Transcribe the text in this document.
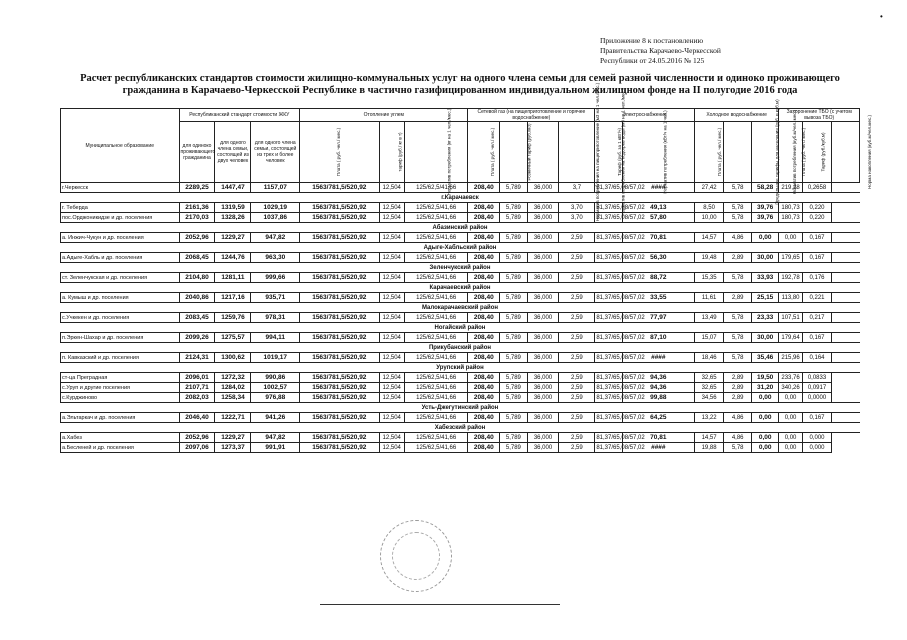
•
Приложение 8 к постановлению
Правительства Карачаево-Черкесской
Республики от 24.05.2016 № 125
Расчет республиканских стандартов стоимости жилищно-коммунальных услуг на одного члена семьи для семей разной численности и одиноко проживающего
гражданина в Карачаево-Черкесской Республике в частично газифицированном индивидуальном жилищном фонде на II полугодие 2016 года
Муниципальное образование	Республиканский стандарт стоимости ЖКУ			Отопление углем			Сетевой газ (на пищеприготовление и горячее водоснабжение)				Электроснабжение		Холодное водоснабжение			Захоронение ТБО (с учетом вывоза ТБО)		
	для одиноко проживающего гражданина	для одного члена семьи, состоящей из двух человек	для одного члена семьи, состоящей из трех и более человек	Плата ( руб. чел./ мес.)	тариф (руб./ кг в т)	Норматив потребления (кг на 1 чел./мес.)	Плата ( руб. чел./ мес.)	Розничный тариф (руб./м3)	Норматив потребления на пищеприготовление (м3 на 1 чел./мес.)	Норматив потребления на подогрев воды (м3 на 1 чел./мес.)	Тариф (руб. за 1 кВт/ч)	Норматив потребления (кВт/ч на 1 чел.)	Плата ( руб. чел./ мес.)	Предельные тарифы для населения (руб. в куб.м)	Норматив потребления (куб.м/чел. мес.)	Плата ( руб. чел./ мес.)	Тариф (руб./куб.м)	Норма накопления (куб.м/чел.мес.)
г.Черкесск	2289,25	1447,47	1157,07	1563/781,5/520,92	12,504	125/62,5/41,66	208,40	5,789	36,000	3,7	81,37/65,08/57,02	####	27,42	5,78	58,28	219,28	0,2658	
г.Карачаевск																		
г. Теберда	2161,36	1319,59	1029,19	1563/781,5/520,92	12,504	125/62,5/41,66	208,40	5,789	36,000	3,70	81,37/65,08/57,02	49,13	8,50	5,78	39,76	180,73	0,220	
пос.Орджоникидзе и др. поселения	2170,03	1328,26	1037,86	1563/781,5/520,92	12,504	125/62,5/41,66	208,40	5,789	36,000	3,70	81,37/65,08/57,02	57,80	10,00	5,78	39,76	180,73	0,220	
Абазинский район																		
а. Инжич-Чукун и др. поселения	2052,96	1229,27	947,82	1563/781,5/520,92	12,504	125/62,5/41,66	208,40	5,789	36,000	2,59	81,37/65,08/57,02	70,81	14,57	4,86	0,00	0,00	0,167	
Адыге-Хабльский район																		
а.Адыге-Хабль и др. поселения	2068,45	1244,76	963,30	1563/781,5/520,92	12,504	125/62,5/41,66	208,40	5,789	36,000	2,59	81,37/65,08/57,02	56,30	19,48	2,89	30,00	179,65	0,167	
Зеленчукский район																		
ст. Зеленчукская и др. поселения	2104,80	1281,11	999,66	1563/781,5/520,92	12,504	125/62,5/41,66	208,40	5,789	36,000	2,59	81,37/65,08/57,02	88,72	15,35	5,78	33,93	192,78	0,176	
Карачаевский район																		
а. Кумыш и др. поселения	2040,86	1217,16	935,71	1563/781,5/520,92	12,504	125/62,5/41,66	208,40	5,789	36,000	2,59	81,37/65,08/57,02	33,55	11,61	2,89	25,15	113,80	0,221	
Малокарачаевский район																		
с.Учкекен и др. поселения	2083,45	1259,76	978,31	1563/781,5/520,92	12,504	125/62,5/41,66	208,40	5,789	36,000	2,59	81,37/65,08/57,02	77,97	13,49	5,78	23,33	107,51	0,217	
Ногайский район																		
п.Эркен-Шахар и др. поселения	2099,26	1275,57	994,11	1563/781,5/520,92	12,504	125/62,5/41,66	208,40	5,789	36,000	2,59	81,37/65,08/57,02	87,10	15,07	5,78	30,00	179,64	0,167	
Прикубанский район																		
п. Кавказский и др. поселения	2124,31	1300,62	1019,17	1563/781,5/520,92	12,504	125/62,5/41,66	208,40	5,789	36,000	2,59	81,37/65,08/57,02	####	18,46	5,78	35,46	215,96	0,164	
Урупский район																		
ст-ца Преградная	2096,01	1272,32	990,86	1563/781,5/520,92	12,504	125/62,5/41,66	208,40	5,789	36,000	2,59	81,37/65,08/57,02	94,36	32,65	2,89	19,50	233,76	0,0833	
с.Уруп и другие поселения	2107,71	1284,02	1002,57	1563/781,5/520,92	12,504	125/62,5/41,66	208,40	5,789	36,000	2,59	81,37/65,08/57,02	94,36	32,65	2,89	31,20	340,26	0,0917	
с.Курджиново	2082,03	1258,34	976,88	1563/781,5/520,92	12,504	125/62,5/41,66	208,40	5,789	36,000	2,59	81,37/65,08/57,02	99,88	34,56	2,89	0,00	0,00	0,0000	
Усть-Джегутинский район																		
а.Эльтаркач и др. поселения	2046,40	1222,71	941,26	1563/781,5/520,92	12,504	125/62,5/41,66	208,40	5,789	36,000	2,59	81,37/65,08/57,02	64,25	13,22	4,86	0,00	0,00	0,167	
Хабезский район																		
а.Хабез	2052,96	1229,27	947,82	1563/781,5/520,92	12,504	125/62,5/41,66	208,40	5,789	36,000	2,59	81,37/65,08/57,02	70,81	14,57	4,86	0,00	0,00	0,000	
а.Бесленей и др. поселения	2097,06	1273,37	991,91	1563/781,5/520,92	12,504	125/62,5/41,66	208,40	5,789	36,000	2,59	81,37/65,08/57,02	####	19,88	5,78	0,00	0,00	0,000	
